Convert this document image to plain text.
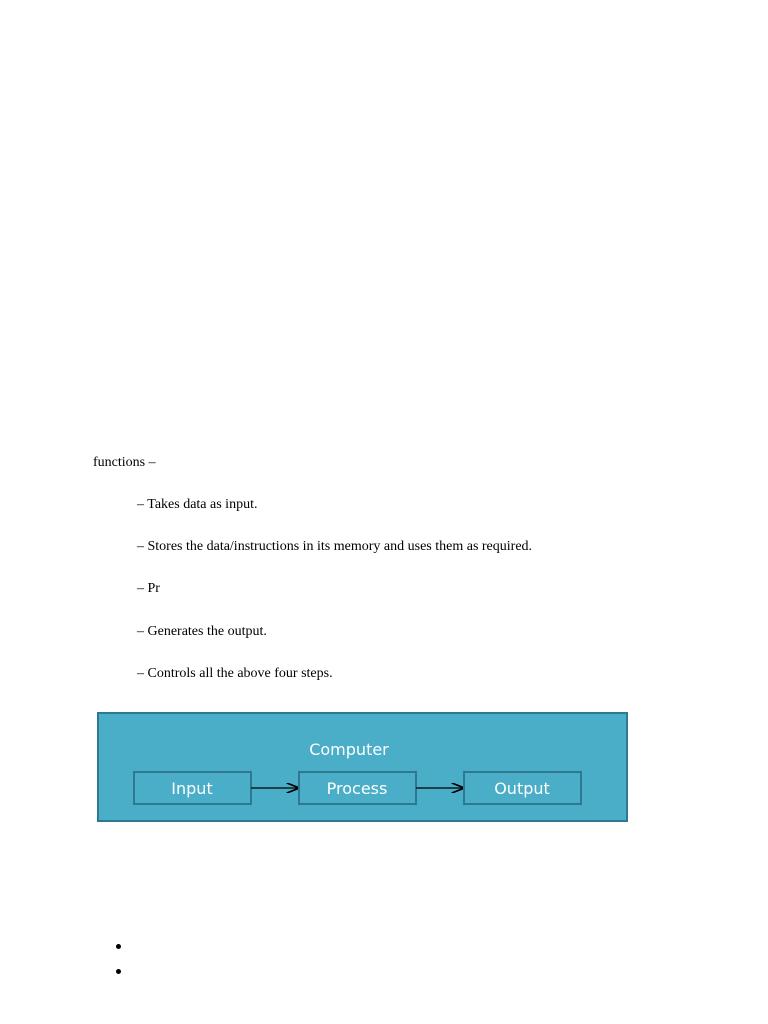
functions –
– Takes data as input.
– Stores the data/instructions in its memory and uses them as required.
– Pr
– Generates the output.
– Controls all the above four steps.
Computer
Input	Process	Output
